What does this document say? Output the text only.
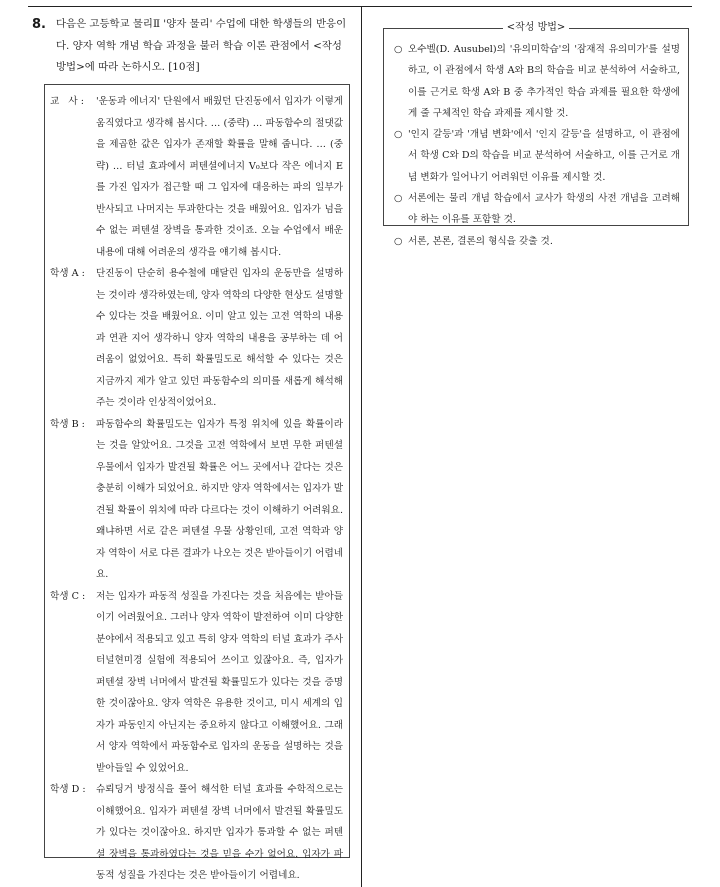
8. 다음은 고등학교 물리Ⅱ '양자 물리' 수업에 대한 학생들의 반응이다. 양자 역학 개념 학습 과정을 불러 학습 이론 관점에서 <작성 방법>에 따라 논하시오. [10점]
교   사 :	'운동과 에너지' 단원에서 배웠던 단진동에서 입자가 이렇게 움직였다고 생각해 봅시다. … (중략) … 파동함수의 절댓값을 제곱한 값은 입자가 존재할 확률을 말해 줍니다. … (중략) … 터널 효과에서 퍼텐셜에너지 V₀보다 작은 에너지 E를 가진 입자가 접근할 때 그 입자에 대응하는 파의 일부가 반사되고 나머지는 투과한다는 것을 배웠어요. 입자가 넘을 수 없는 퍼텐셜 장벽을 통과한 것이죠. 오늘 수업에서 배운 내용에 대해 어려운의 생각을 얘기해 봅시다.
학생 A :	단진동이 단순히 용수철에 매달린 입자의 운동만을 설명하는 것이라 생각하였는데, 양자 역학의 다양한 현상도 설명할 수 있다는 것을 배웠어요. 이미 알고 있는 고전 역학의 내용과 연관 지어 생각하니 양자 역학의 내용을 공부하는 데 어려움이 없었어요. 특히 확률밀도로 해석할 수 있다는 것은 지금까지 제가 알고 있던 파동함수의 의미를 새롭게 해석해 주는 것이라 인상적이었어요.
학생 B :	파동함수의 확률밀도는 입자가 특정 위치에 있을 확률이라는 것을 알았어요. 그것을 고전 역학에서 보면 무한 퍼텐셜 우물에서 입자가 발견될 확률은 어느 곳에서나 같다는 것은 충분히 이해가 되었어요. 하지만 양자 역학에서는 입자가 발견될 확률이 위치에 따라 다르다는 것이 이해하기 어려워요. 왜냐하면 서로 같은 퍼텐셜 우물 상황인데, 고전 역학과 양자 역학이 서로 다른 결과가 나오는 것은 받아들이기 어렵네요.
학생 C :	저는 입자가 파동적 성질을 가진다는 것을 처음에는 받아들이기 어려웠어요. 그러나 양자 역학이 발전하여 이미 다양한 분야에서 적용되고 있고 특히 양자 역학의 터널 효과가 주사터널현미경 실험에 적용되어 쓰이고 있잖아요. 즉, 입자가 퍼텐셜 장벽 너머에서 발견될 확률밀도가 있다는 것을 증명한 것이잖아요. 양자 역학은 유용한 것이고, 미시 세계의 입자가 파동인지 아닌지는 중요하지 않다고 이해했어요. 그래서 양자 역학에서 파동함수로 입자의 운동을 설명하는 것을 받아들일 수 있었어요.
학생 D :	슈뢰딩거 방정식을 풀어 해석한 터널 효과를 수학적으로는 이해했어요. 입자가 퍼텐셜 장벽 너머에서 발견될 확률밀도가 있다는 것이잖아요. 하지만 입자가 통과할 수 없는 퍼텐셜 장벽을 통과하였다는 것을 믿을 수가 없어요. 입자가 파동적 성질을 가진다는 것은 받아들이기 어렵네요.
<작성 방법>
○ 오수벨(D. Ausubel)의 '유의미학습'의 '잠재적 유의미가'를 설명하고, 이 관점에서 학생 A와 B의 학습을 비교 분석하여 서술하고, 이를 근거로 학생 A와 B 중 추가적인 학습 과제를 필요한 학생에게 줄 구체적인 학습 과제를 제시할 것.
○ '인지 갈등'과 '개념 변화'에서 '인지 갈등'을 설명하고, 이 관점에서 학생 C와 D의 학습을 비교 분석하여 서술하고, 이를 근거로 개념 변화가 일어나기 어려워던 이유를 제시할 것.
○ 서론에는 물리 개념 학습에서 교사가 학생의 사전 개념을 고려해야 하는 이유를 포함할 것.
○ 서론, 본론, 결론의 형식을 갖출 것.
